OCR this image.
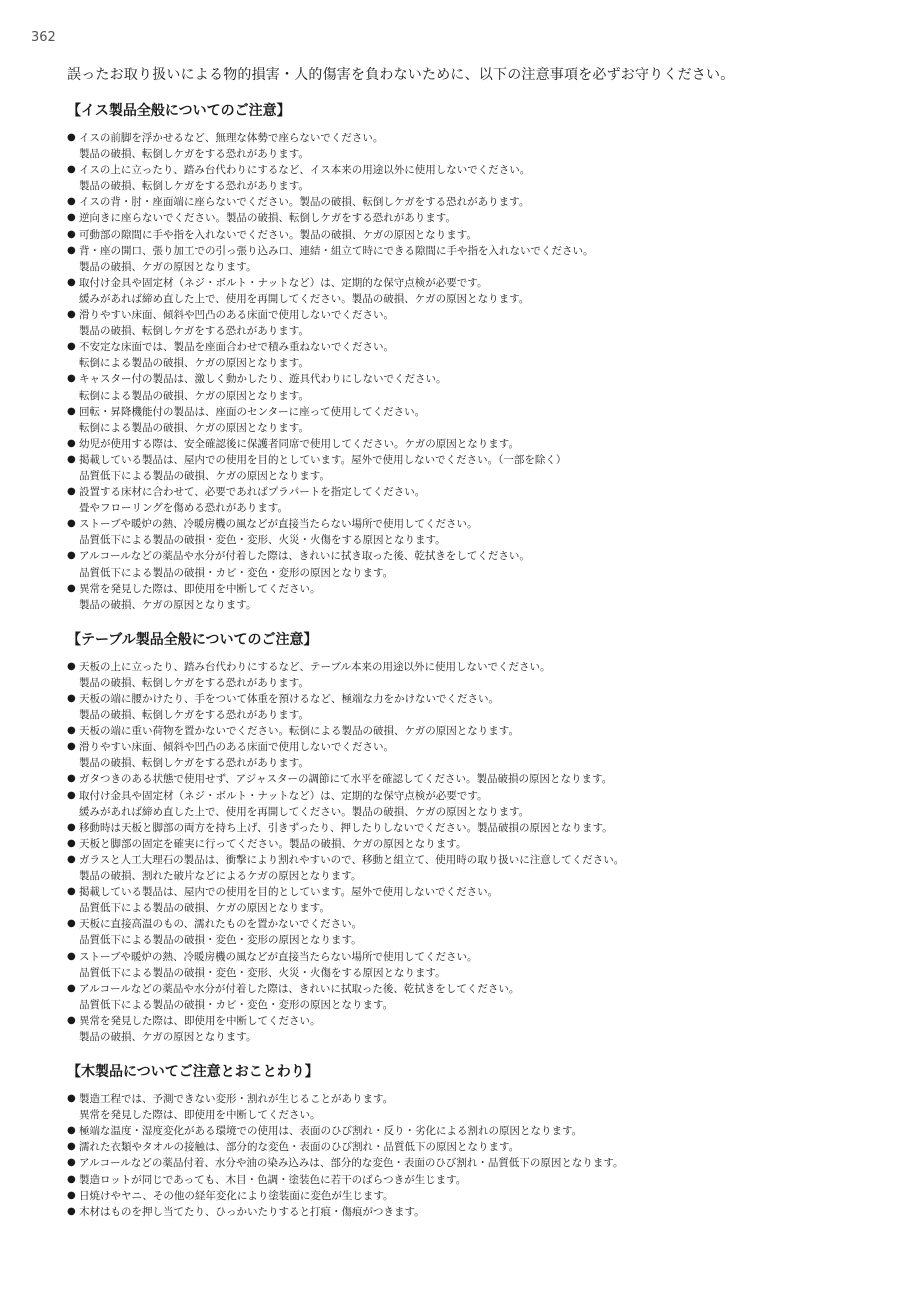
362
誤ったお取り扱いによる物的損害・人的傷害を負わないために、以下の注意事項を必ずお守りください。
【イス製品全般についてのご注意】
● イスの前脚を浮かせるなど、無理な体勢で座らないでください。
製品の破損、転倒しケガをする恐れがあります。
● イスの上に立ったり、踏み台代わりにするなど、イス本来の用途以外に使用しないでください。
製品の破損、転倒しケガをする恐れがあります。
● イスの背・肘・座面端に座らないでください。製品の破損、転倒しケガをする恐れがあります。
● 逆向きに座らないでください。製品の破損、転倒しケガをする恐れがあります。
● 可動部の隙間に手や指を入れないでください。製品の破損、ケガの原因となります。
● 背・座の開口、張り加工での引っ張り込み口、連結・組立て時にできる隙間に手や指を入れないでください。
製品の破損、ケガの原因となります。
● 取付け金具や固定材（ネジ・ボルト・ナットなど）は、定期的な保守点検が必要です。
緩みがあれば締め直した上で、使用を再開してください。製品の破損、ケガの原因となります。
● 滑りやすい床面、傾斜や凹凸のある床面で使用しないでください。
製品の破損、転倒しケガをする恐れがあります。
● 不安定な床面では、製品を座面合わせで積み重ねないでください。
転倒による製品の破損、ケガの原因となります。
● キャスター付の製品は、激しく動かしたり、遊具代わりにしないでください。
転倒による製品の破損、ケガの原因となります。
● 回転・昇降機能付の製品は、座面のセンターに座って使用してください。
転倒による製品の破損、ケガの原因となります。
● 幼児が使用する際は、安全確認後に保護者同席で使用してください。ケガの原因となります。
● 掲載している製品は、屋内での使用を目的としています。屋外で使用しないでください。（一部を除く）
品質低下による製品の破損、ケガの原因となります。
● 設置する床材に合わせて、必要であればプラパートを指定してください。
畳やフローリングを傷める恐れがあります。
● ストーブや暖炉の熱、冷暖房機の風などが直接当たらない場所で使用してください。
品質低下による製品の破損・変色・変形、火災・火傷をする原因となります。
● アルコールなどの薬品や水分が付着した際は、きれいに拭き取った後、乾拭きをしてください。
品質低下による製品の破損・カビ・変色・変形の原因となります。
● 異常を発見した際は、即使用を中断してください。
製品の破損、ケガの原因となります。
【テーブル製品全般についてのご注意】
● 天板の上に立ったり、踏み台代わりにするなど、テーブル本来の用途以外に使用しないでください。
製品の破損、転倒しケガをする恐れがあります。
● 天板の端に腰かけたり、手をついて体重を預けるなど、極端な力をかけないでください。
製品の破損、転倒しケガをする恐れがあります。
● 天板の端に重い荷物を置かないでください。転倒による製品の破損、ケガの原因となります。
● 滑りやすい床面、傾斜や凹凸のある床面で使用しないでください。
製品の破損、転倒しケガをする恐れがあります。
● ガタつきのある状態で使用せず、アジャスターの調節にて水平を確認してください。製品破損の原因となります。
● 取付け金具や固定材（ネジ・ボルト・ナットなど）は、定期的な保守点検が必要です。
緩みがあれば締め直した上で、使用を再開してください。製品の破損、ケガの原因となります。
● 移動時は天板と脚部の両方を持ち上げ、引きずったり、押したりしないでください。製品破損の原因となります。
● 天板と脚部の固定を確実に行ってください。製品の破損、ケガの原因となります。
● ガラスと人工大理石の製品は、衝撃により割れやすいので、移動と組立て、使用時の取り扱いに注意してください。
製品の破損、割れた破片などによるケガの原因となります。
● 掲載している製品は、屋内での使用を目的としています。屋外で使用しないでください。
品質低下による製品の破損、ケガの原因となります。
● 天板に直接高温のもの、濡れたものを置かないでください。
品質低下による製品の破損・変色・変形の原因となります。
● ストーブや暖炉の熱、冷暖房機の風などが直接当たらない場所で使用してください。
品質低下による製品の破損・変色・変形、火災・火傷をする原因となります。
● アルコールなどの薬品や水分が付着した際は、きれいに拭取った後、乾拭きをしてください。
品質低下による製品の破損・カビ・変色・変形の原因となります。
● 異常を発見した際は、即使用を中断してください。
製品の破損、ケガの原因となります。
【木製品についてご注意とおことわり】
● 製造工程では、予測できない変形・割れが生じることがあります。
異常を発見した際は、即使用を中断してください。
● 極端な温度・湿度変化がある環境での使用は、表面のひび割れ・反り・劣化による割れの原因となります。
● 濡れた衣類やタオルの接触は、部分的な変色・表面のひび割れ・品質低下の原因となります。
● アルコールなどの薬品付着、水分や油の染み込みは、部分的な変色・表面のひび割れ・品質低下の原因となります。
● 製造ロットが同じであっても、木目・色調・塗装色に若干のばらつきが生じます。
● 日焼けやヤニ、その他の経年変化により塗装面に変色が生じます。
● 木材はものを押し当てたり、ひっかいたりすると打痕・傷痕がつきます。
